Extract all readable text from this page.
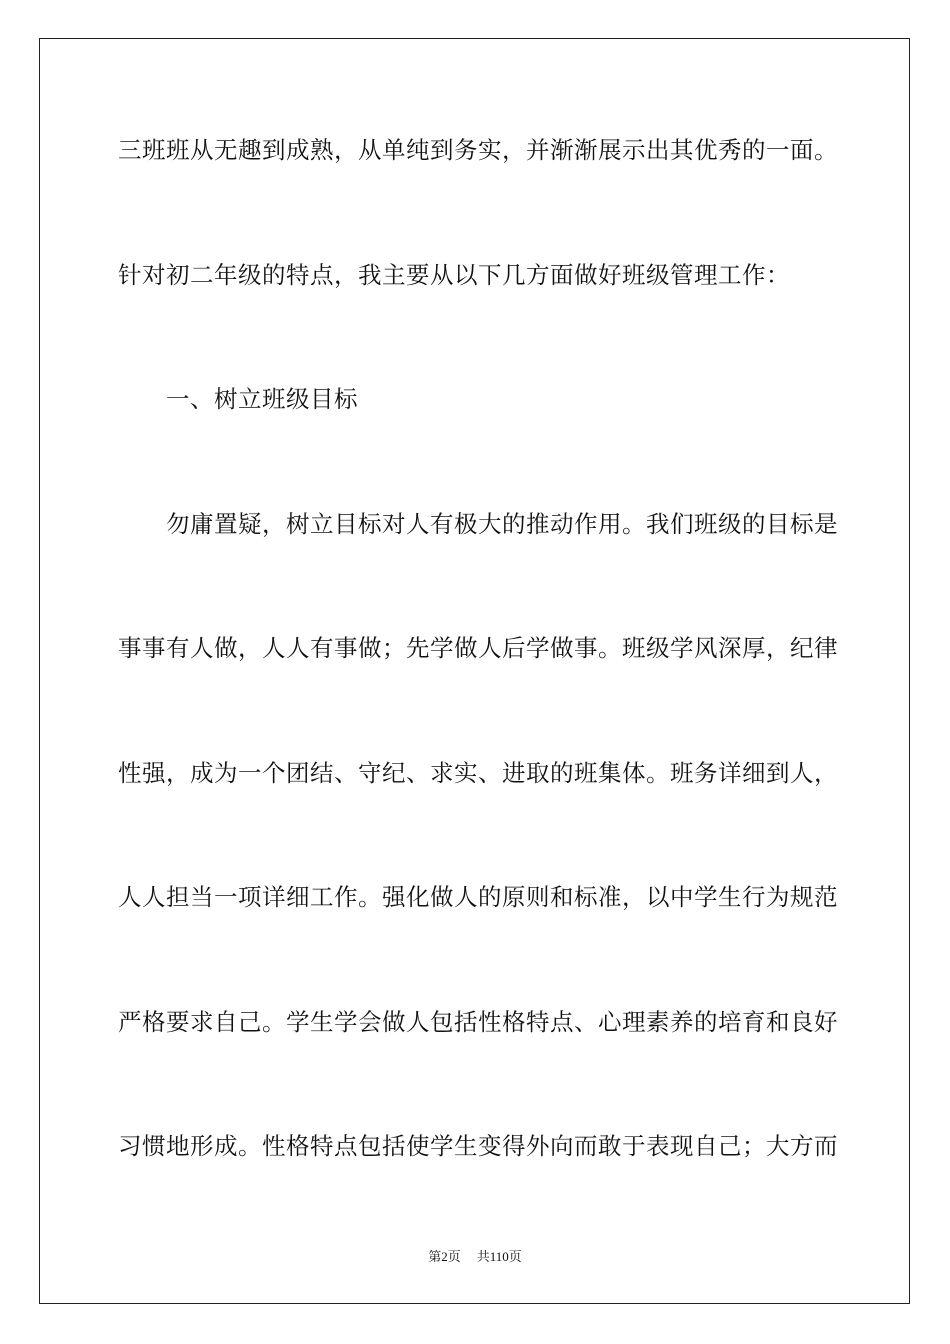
三班班从无趣到成熟，从单纯到务实，并渐渐展示出其优秀的一面。
针对初二年级的特点，我主要从以下几方面做好班级管理工作：
一、树立班级目标
勿庸置疑，树立目标对人有极大的推动作用。我们班级的目标是
事事有人做，人人有事做；先学做人后学做事。班级学风深厚，纪律
性强，成为一个团结、守纪、求实、进取的班集体。班务详细到人，
人人担当一项详细工作。强化做人的原则和标准，以中学生行为规范
严格要求自己。学生学会做人包括性格特点、心理素养的培育和良好
习惯地形成。性格特点包括使学生变得外向而敢于表现自己；大方而
第2页 共110页
